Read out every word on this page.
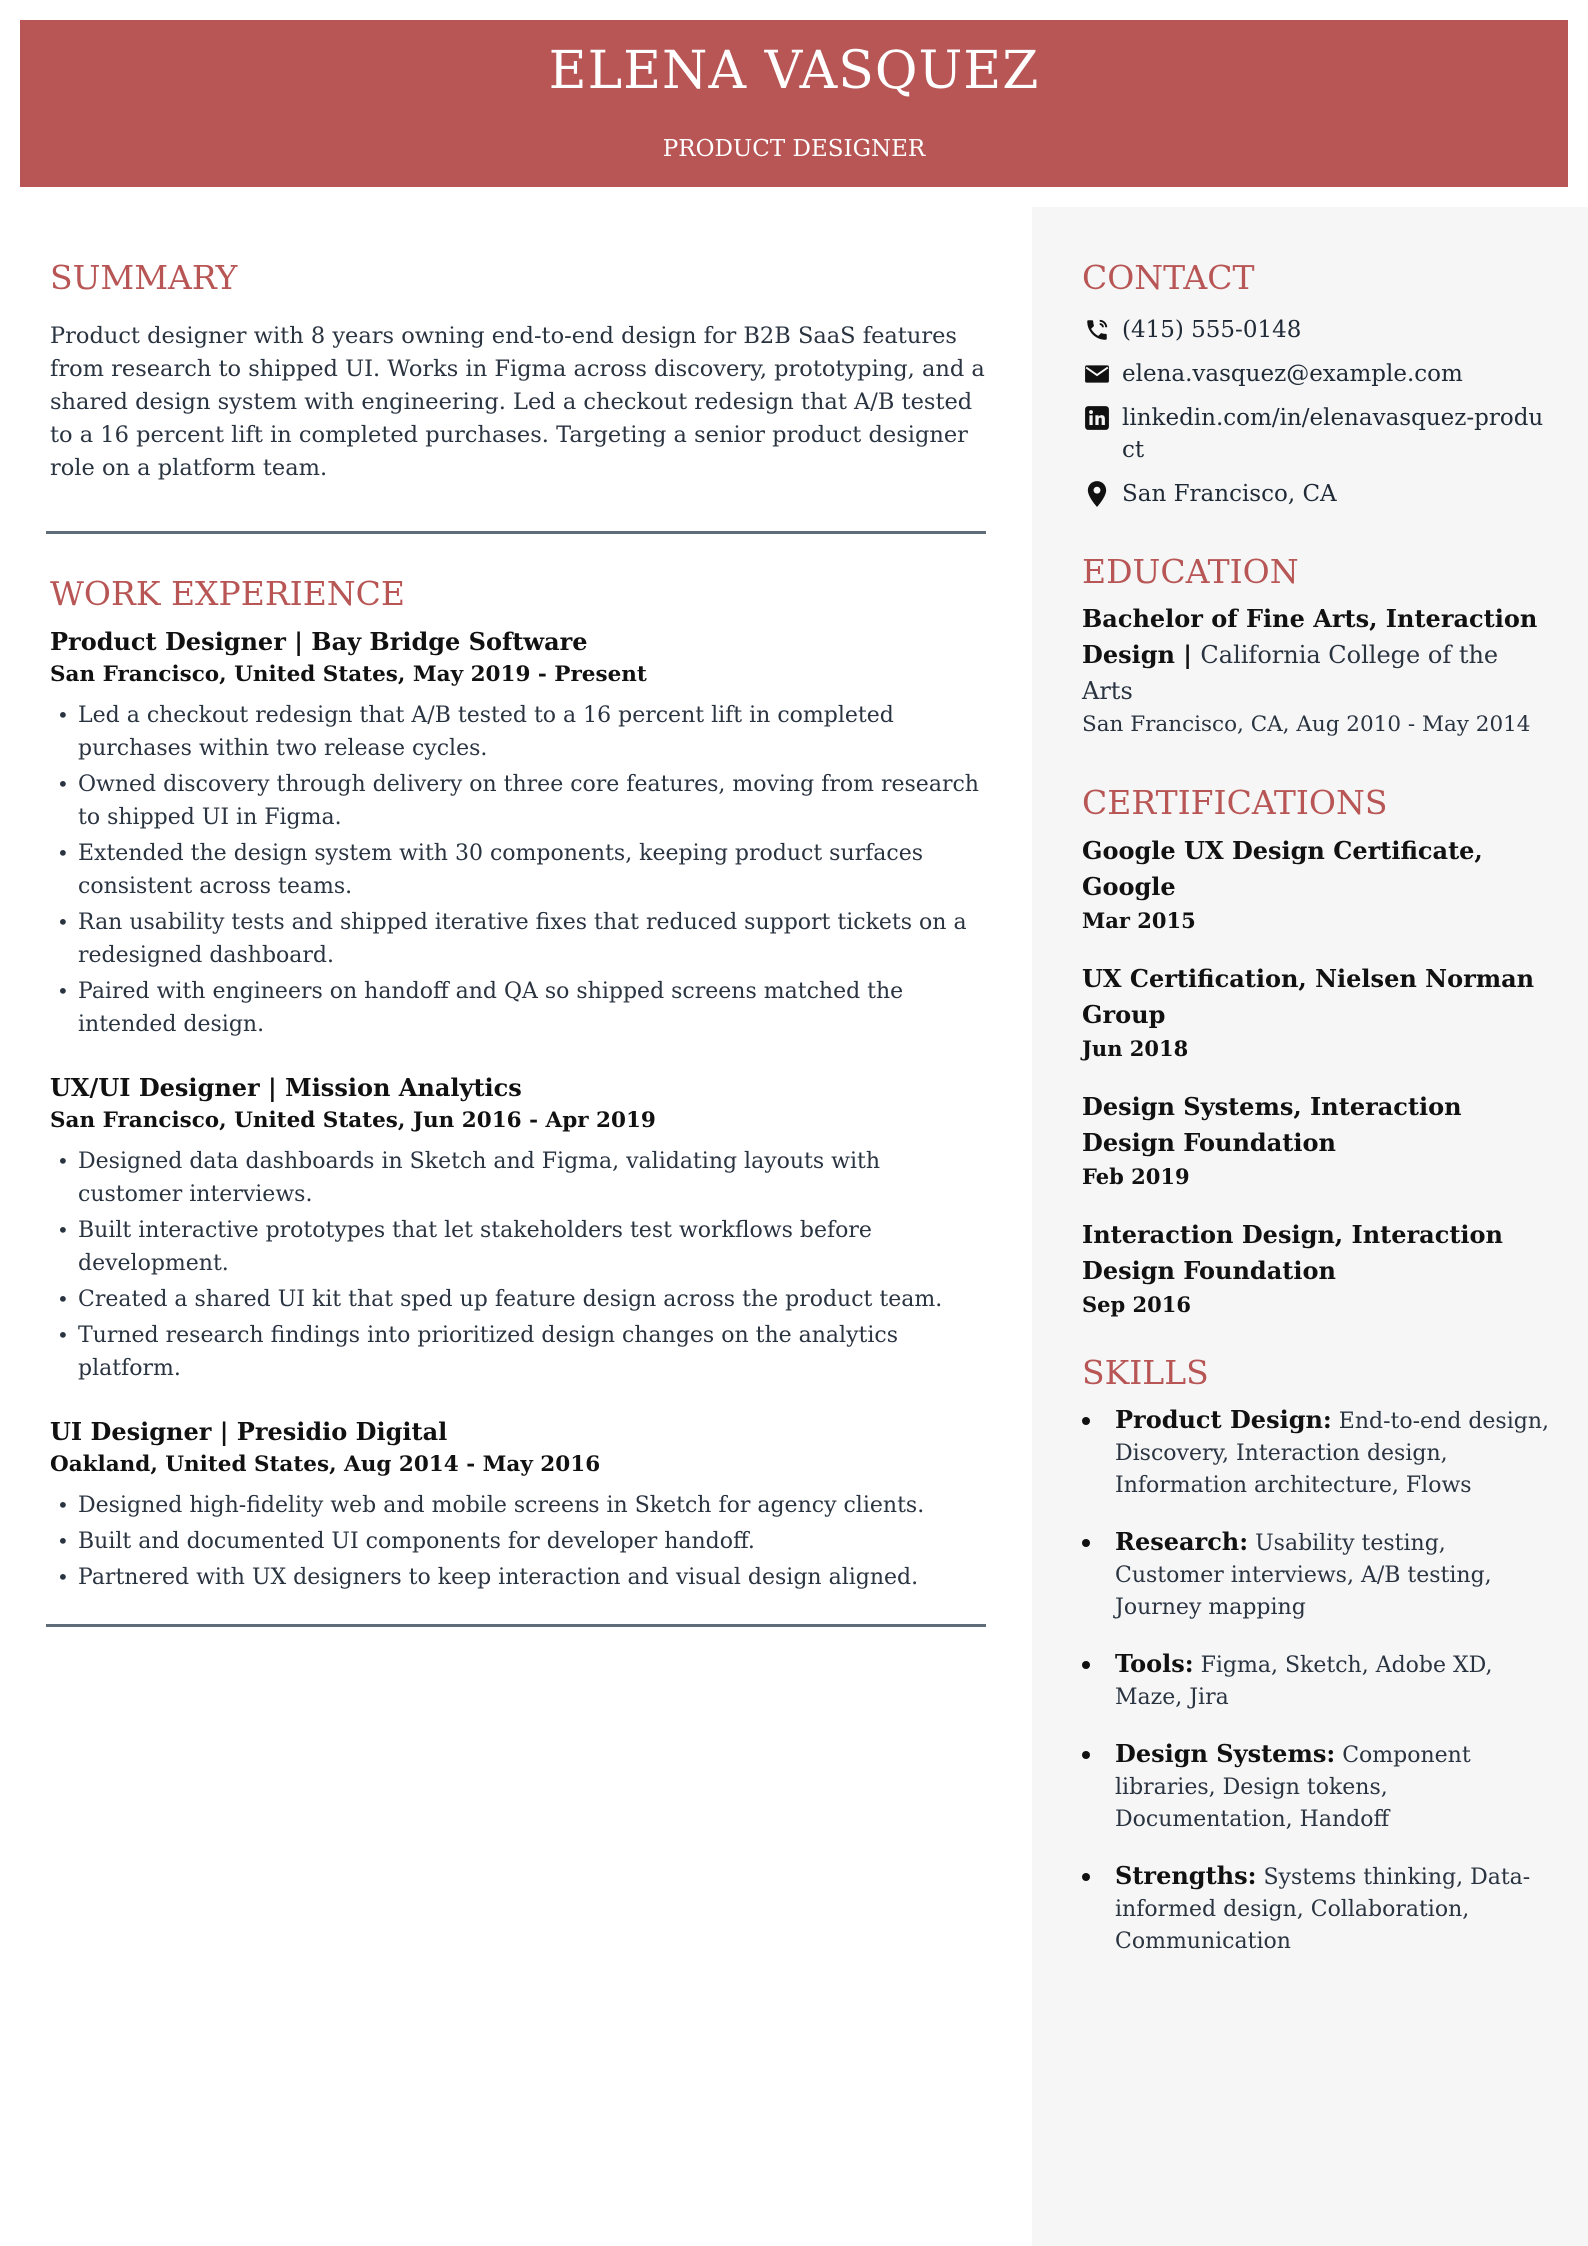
ELENA VASQUEZ
PRODUCT DESIGNER
SUMMARY

Product designer with 8 years owning end-to-end design for B2B SaaS features from research to shipped UI. Works in Figma across discovery, prototyping, and a shared design system with engineering. Led a checkout redesign that A/B tested to a 16 percent lift in completed purchases. Targeting a senior product designer role on a platform team.

WORK EXPERIENCE
Product Designer | Bay Bridge Software
San Francisco, United States, May 2019 - Present
• Led a checkout redesign that A/B tested to a 16 percent lift in completed purchases within two release cycles.
• Owned discovery through delivery on three core features, moving from research to shipped UI in Figma.
• Extended the design system with 30 components, keeping product surfaces consistent across teams.
• Ran usability tests and shipped iterative fixes that reduced support tickets on a redesigned dashboard.
• Paired with engineers on handoff and QA so shipped screens matched the intended design.
UX/UI Designer | Mission Analytics
San Francisco, United States, Jun 2016 - Apr 2019
• Designed data dashboards in Sketch and Figma, validating layouts with customer interviews.
• Built interactive prototypes that let stakeholders test workflows before development.
• Created a shared UI kit that sped up feature design across the product team.
• Turned research findings into prioritized design changes on the analytics platform.
UI Designer | Presidio Digital
Oakland, United States, Aug 2014 - May 2016
• Designed high-fidelity web and mobile screens in Sketch for agency clients.
• Built and documented UI components for developer handoff.
• Partnered with UX designers to keep interaction and visual design aligned.
CONTACT
(415) 555-0148
elena.vasquez@example.com
linkedin.com/in/elenavasquez-product
San Francisco, CA
EDUCATION
Bachelor of Fine Arts, Interaction Design | California College of the Arts
San Francisco, CA, Aug 2010 - May 2014
CERTIFICATIONS
Google UX Design Certificate, Google
Mar 2015
UX Certification, Nielsen Norman Group
Jun 2018
Design Systems, Interaction Design Foundation
Feb 2019
Interaction Design, Interaction Design Foundation
Sep 2016
SKILLS
Product Design: End-to-end design, Discovery, Interaction design, Information architecture, Flows
Research: Usability testing, Customer interviews, A/B testing, Journey mapping
Tools: Figma, Sketch, Adobe XD, Maze, Jira
Design Systems: Component libraries, Design tokens, Documentation, Handoff
Strengths: Systems thinking, Data-informed design, Collaboration, Communication
